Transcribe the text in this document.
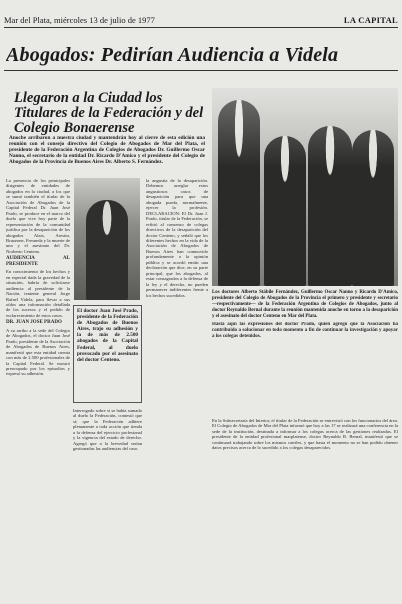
Mar del Plata, miércoles 13 de julio de 1977	LA CAPITAL
Abogados: Pedirían Audiencia a Videla
Llegaron a la Ciudad los Titulares de la Federación y del Colegio Bonaerense
Anoche arribaron a nuestra ciudad y mantendrán hoy al cierre de esta edición una reunión con el consejo directivo del Colegio de Abogados de Mar del Plata, el presidente de la Federación Argentina de Colegios de Abogados Dr. Guillermo Oscar Nanno, el secretario de la entidad Dr. Ricardo D'Amico y el presidente del Colegio de Abogados de la Provincia de Buenos Aires Dr. Alberto S. Fernández.
La presencia de los prinicipales dirigentes de entidades de abogados en la ciudad, a los que se sumó también el titular de la Asociación de Abogados de la Capital Federal Dr. Juan José Prado, se produce en el marco del duelo que vive hoy parte de la representación de la comunidad jurídica por la desaparición de los abogados Alais, Arestin, Bruzzone, Fresneda y la muerte de uno y el asesinato del Dr. Norberto Centeno.
AUDIENCIA AL PRESIDENTE
En conocimiento de los hechos y en especial dada la gravedad de la situación, habría de solicitarse audiencia al presidente de la Nación, teniente general Jorge Rafael Videla, para llevar a sus oídos una información detallada de los sucesos y el pedido de esclarecimiento de estos casos.
DR. JUAN JOSE PRADO
A su arribo a la sede del Colegio de Abogados, el doctor Juan José Prado, presidente de la Asociación de Abogados de Buenos Aires, manifestó que esta entidad cuenta con más de 2.500 profesionales de la Capital Federal. Se mostró preocupado por los episodios y expresó su adhesión.
El doctor Juan José Prado, presidente de la Federación de Abogados de Buenos Aires, trajo su adhesión y la de más de 2.500 abogados de la Capital Federal, al duelo provocado por el asesinato del doctor Centeno.
Interrogado sobre si se había sumado al duelo la Federación, contestó que sí; que la Federación adhiere plenamente a toda acción que tienda a la defensa del ejercicio profesional y la vigencia del estado de derecho. Agregó que a la brevedad serían gestionadas las audiencias del caso.
la angustia de la desaparición. Debemos arreglar estos angustiosos casos de desaparición para que una abogada pueda, normalmente, ejercer la profesión. DECLARACION: El Dr. Juan J. Prado, titular de la Federación, se refirió al consenso de colegas directivos de la desaparición del doctor Centeno, y señaló que los diferentes hechos en la vida de la Asociación de Abogados de Buenos Aires han conmovido profundamente a la opinión pública y se acordó emitir una declaración que dice, en su parte principal, que los abogados, al estar consagrados a la defensa de la ley y el derecho, no pueden permanecer indiferentes frente a los hechos sucedidos.
Los doctores Alberto Stábile Fernández, Guillermo Oscar Nanno y Ricardo D'Amico, presidente del Colegio de Abogados de la Provincia el primero y presidente y secretario —respectivamente— de la Federación Argentina de Colegios de Abogados, junto al doctor Reynaldo Bernal durante la reunión mantenida anoche en torno a la desaparición y el asesinato del doctor Centeno en Mar del Plata.
Hasta aquí las expresiones del doctor Prado, quien agregó que la Asociación ha contribuido a solucionar en todo momento a fin de continuar la investigación y apoyar a los colegas detenidos.
En la Subsecretaría del Interior, el titular de la Federación se entrevistó con los funcionarios del área. El Colegio de Abogados de Mar del Plata informó que hoy a las 17 se realizará una conferencia en la sede de la institución, destinada a informar a los colegas acerca de las gestiones realizadas. El presidente de la entidad profesional marplatense, doctor Reynaldo R. Bernal, manifestó que se continuará trabajando sobre los mismos carriles, y que hasta el momento no se han podido obtener datos precisos acerca de lo sucedido a los colegas desaparecidos.
